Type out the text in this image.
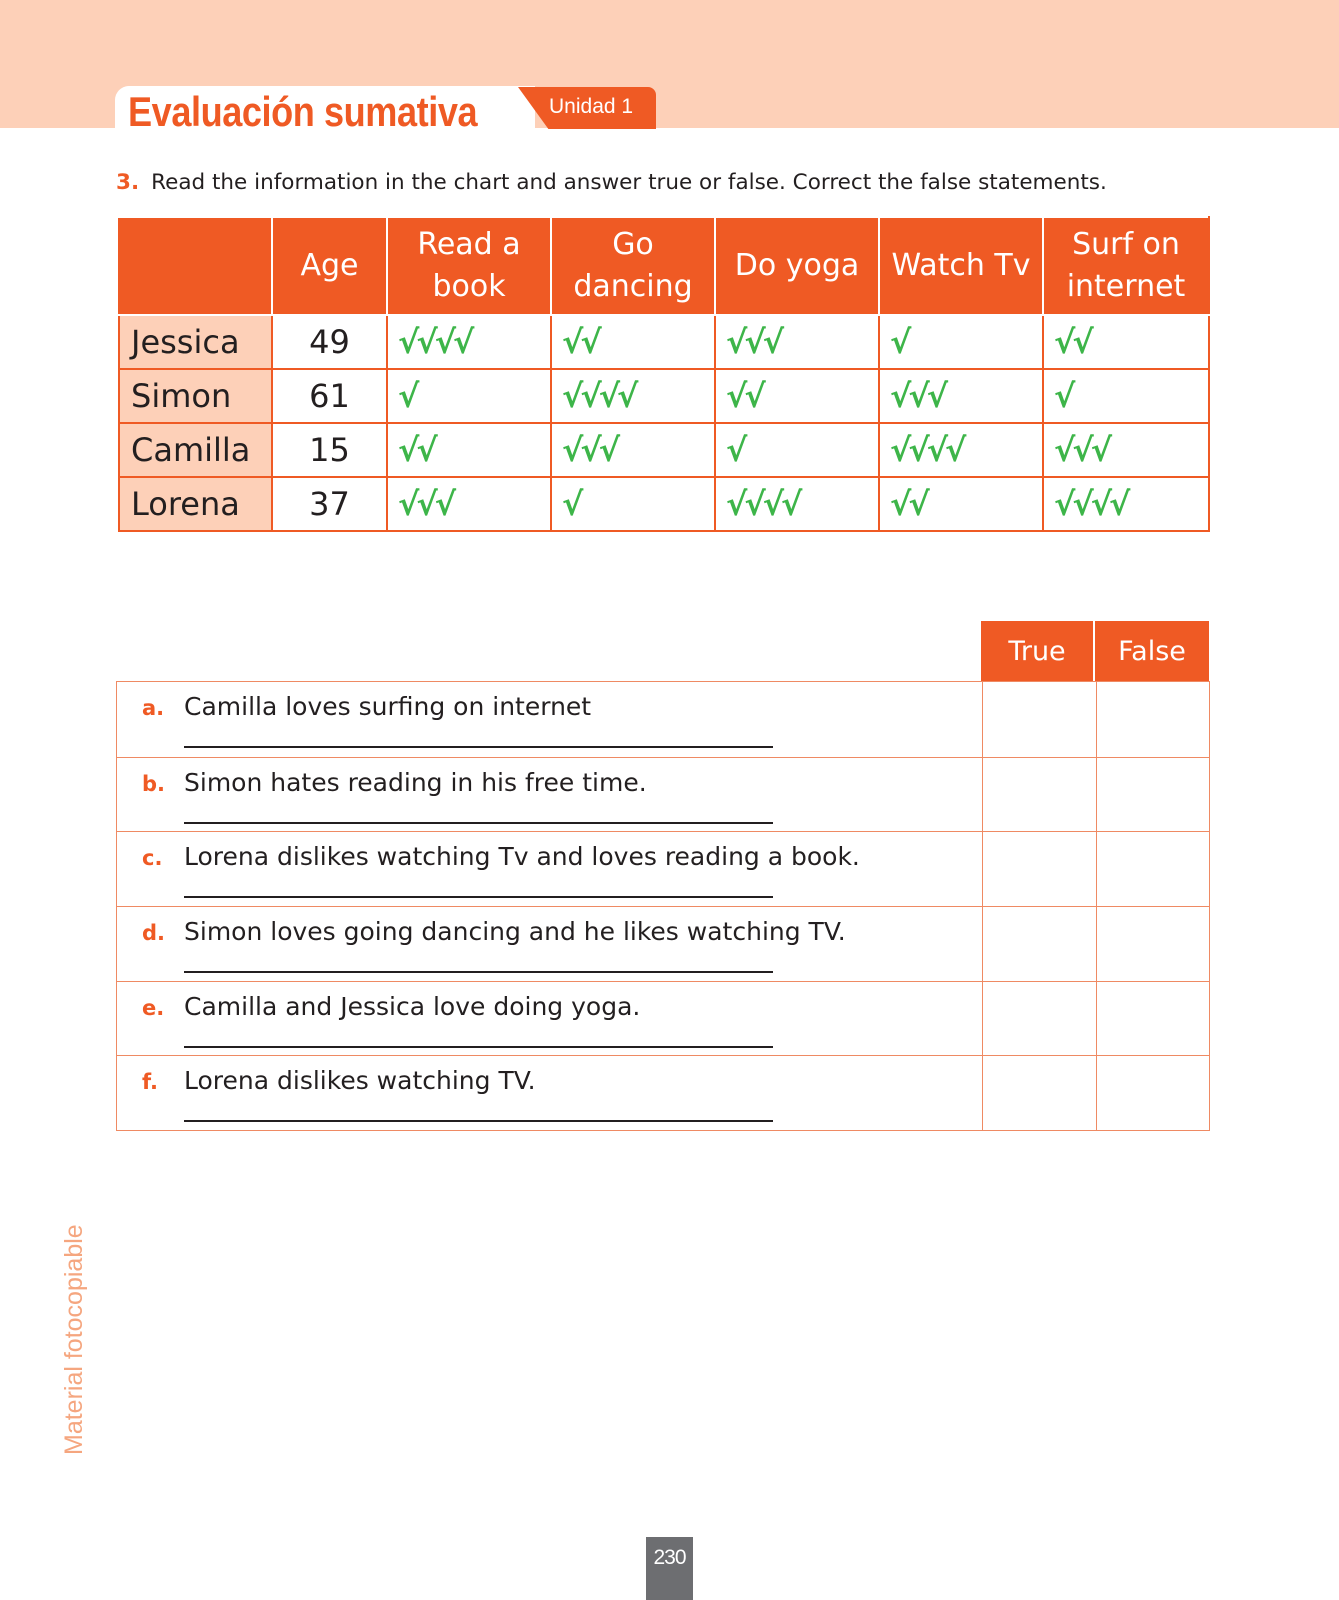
Evaluación sumativa	Unidad 1
3. Read the information in the chart and answer true or false. Correct the false statements.
	Age	Read a book	Go dancing	Do yoga	Watch Tv	Surf on internet
Jessica	49	√√√√	√√	√√√	√	√√
Simon	61	√	√√√√	√√	√√√	√
Camilla	15	√√	√√√	√	√√√√	√√√
Lorena	37	√√√	√	√√√√	√√	√√√√
True	False
a. Camilla loves surfing on internet
b. Simon hates reading in his free time.
c. Lorena dislikes watching Tv and loves reading a book.
d. Simon loves going dancing and he likes watching TV.
e. Camilla and Jessica love doing yoga.
f. Lorena dislikes watching TV.
Material fotocopiable
230
